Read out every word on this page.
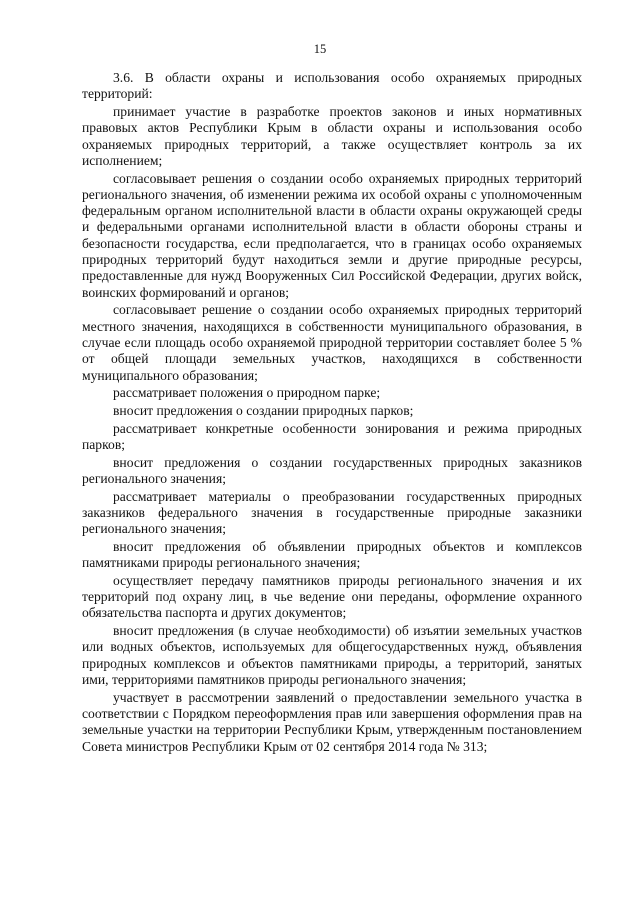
15

3.6. В области охраны и использования особо охраняемых природных территорий:

принимает участие в разработке проектов законов и иных нормативных правовых актов Республики Крым в области охраны и использования особо охраняемых природных территорий, а также осуществляет контроль за их исполнением;

согласовывает решения о создании особо охраняемых природных территорий регионального значения, об изменении режима их особой охраны с уполномоченным федеральным органом исполнительной власти в области охраны окружающей среды и федеральными органами исполнительной власти в области обороны страны и безопасности государства, если предполагается, что в границах особо охраняемых природных территорий будут находиться земли и другие природные ресурсы, предоставленные для нужд Вооруженных Сил Российской Федерации, других войск, воинских формирований и органов;

согласовывает решение о создании особо охраняемых природных территорий местного значения, находящихся в собственности муниципального образования, в случае если площадь особо охраняемой природной территории составляет более 5 % от общей площади земельных участков, находящихся в собственности муниципального образования;

рассматривает положения о природном парке;

вносит предложения о создании природных парков;

рассматривает конкретные особенности зонирования и режима природных парков;

вносит предложения о создании государственных природных заказников регионального значения;

рассматривает материалы о преобразовании государственных природных заказников федерального значения в государственные природные заказники регионального значения;

вносит предложения об объявлении природных объектов и комплексов памятниками природы регионального значения;

осуществляет передачу памятников природы регионального значения и их территорий под охрану лиц, в чье ведение они переданы, оформление охранного обязательства паспорта и других документов;

вносит предложения (в случае необходимости) об изъятии земельных участков или водных объектов, используемых для общегосударственных нужд, объявления природных комплексов и объектов памятниками природы, а территорий, занятых ими, территориями памятников природы регионального значения;

участвует в рассмотрении заявлений о предоставлении земельного участка в соответствии с Порядком переоформления прав или завершения оформления прав на земельные участки на территории Республики Крым, утвержденным постановлением Совета министров Республики Крым от 02 сентября 2014 года № 313;
